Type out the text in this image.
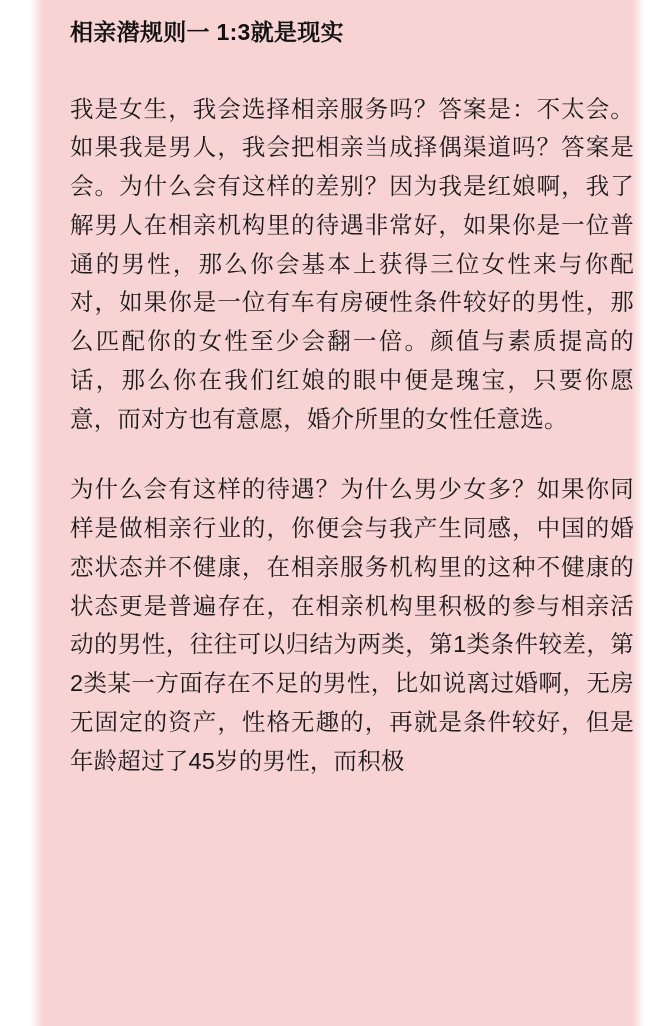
相亲潜规则一 1:3就是现实

我是女生，我会选择相亲服务吗？答案是：不太会。如果我是男人，我会把相亲当成择偶渠道吗？答案是会。为什么会有这样的差别？因为我是红娘啊，我了解男人在相亲机构里的待遇非常好，如果你是一位普通的男性，那么你会基本上获得三位女性来与你配对，如果你是一位有车有房硬性条件较好的男性，那么匹配你的女性至少会翻一倍。颜值与素质提高的话，那么你在我们红娘的眼中便是瑰宝，只要你愿意，而对方也有意愿，婚介所里的女性任意选。

为什么会有这样的待遇？为什么男少女多？如果你同样是做相亲行业的，你便会与我产生同感，中国的婚恋状态并不健康，在相亲服务机构里的这种不健康的状态更是普遍存在，在相亲机构里积极的参与相亲活动的男性，往往可以归结为两类，第1类条件较差，第2类某一方面存在不足的男性，比如说离过婚啊，无房无固定的资产，性格无趣的，再就是条件较好，但是年龄超过了45岁的男性，而积极
